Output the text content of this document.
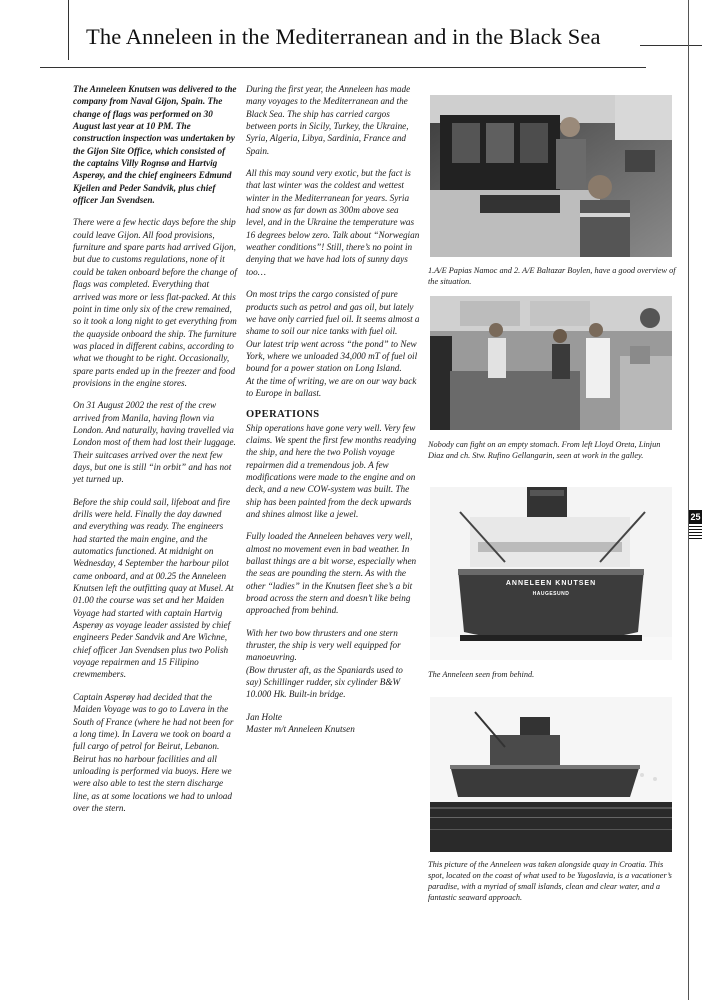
The Anneleen in the Mediterranean and in the Black Sea

The Anneleen Knutsen was delivered to the company from Naval Gijon, Spain. The change of flags was performed on 30 August last year at 10 PM. The construction inspection was undertaken by the Gijon Site Office, which consisted of the captains Villy Rognsø and Hartvig Asperøy, and the chief engineers Edmund Kjeilen and Peder Sandvik, plus chief officer Jan Svendsen.

There were a few hectic days before the ship could leave Gijon. All food provisions, furniture and spare parts had arrived Gijon, but due to customs regulations, none of it could be taken onboard before the change of flags was completed. Everything that arrived was more or less flat-packed. At this point in time only six of the crew remained, so it took a long night to get everything from the quayside onboard the ship. The furniture was placed in different cabins, according to what we thought to be right. Occasionally, spare parts ended up in the freezer and food provisions in the engine stores.

On 31 August 2002 the rest of the crew arrived from Manila, having flown via London. And naturally, having travelled via London most of them had lost their luggage. Their suitcases arrived over the next few days, but one is still “in orbit” and has not yet turned up.

Before the ship could sail, lifeboat and fire drills were held. Finally the day dawned and everything was ready. The engineers had started the main engine, and the automatics functioned. At midnight on Wednesday, 4 September the harbour pilot came onboard, and at 00.25 the Anneleen Knutsen left the outfitting quay at Musel. At 01.00 the course was set and her Maiden Voyage had started with captain Hartvig Asperøy as voyage leader assisted by chief engineers Peder Sandvik and Are Wichne, chief officer Jan Svendsen plus two Polish voyage repairmen and 15 Filipino crewmembers.

Captain Asperøy had decided that the Maiden Voyage was to go to Lavera in the South of France (where he had not been for a long time). In Lavera we took on board a full cargo of petrol for Beirut, Lebanon. Beirut has no harbour facilities and all unloading is performed via buoys. Here we were also able to test the stern discharge line, as at some locations we had to unload over the stern.

During the first year, the Anneleen has made many voyages to the Mediterranean and the Black Sea. The ship has carried cargos between ports in Sicily, Turkey, the Ukraine, Syria, Algeria, Libya, Sardinia, France and Spain.

All this may sound very exotic, but the fact is that last winter was the coldest and wettest winter in the Mediterranean for years. Syria had snow as far down as 300m above sea level, and in the Ukraine the temperature was 16 degrees below zero. Talk about “Norwegian weather conditions”! Still, there’s no point in denying that we have had lots of sunny days too…

On most trips the cargo consisted of pure products such as petrol and gas oil, but lately we have only carried fuel oil. It seems almost a shame to soil our nice tanks with fuel oil.

Our latest trip went across “the pond” to New York, where we unloaded 34,000 mT of fuel oil bound for a power station on Long Island.

At the time of writing, we are on our way back to Europe in ballast.

OPERATIONS

Ship operations have gone very well. Very few claims. We spent the first few months readying the ship, and here the two Polish voyage repairmen did a tremendous job. A few modifications were made to the engine and on deck, and a new COW-system was built. The ship has been painted from the deck upwards and shines almost like a jewel.

Fully loaded the Anneleen behaves very well, almost no movement even in bad weather. In ballast things are a bit worse, especially when the seas are pounding the stern. As with the other “ladies” in the Knutsen fleet she’s a bit broad across the stern and doesn’t like being approached from behind.

With her two bow thrusters and one stern thruster, the ship is very well equipped for manoeuvring.

(Bow thruster aft, as the Spaniards used to say) Schillinger rudder, six cylinder B&W 10.000 Hk. Built-in bridge.

Jan Holte

Master m/t Anneleen Knutsen

1.A/E Papias Namoc and 2. A/E Baltazar Boylen, have a good overview of the situation.
Nobody can fight on an empty stomach. From left Lloyd Oreta, Linjun Diaz and ch. Stw. Rufino Gellangarin, seen at work in the galley.
ANNELEEN KNUTSEN
HAUGESUND
The Anneleen seen from behind.
This picture of the Anneleen was taken alongside quay in Croatia. This spot, located on the coast of what used to be Yugoslavia, is a vacationer’s paradise, with a myriad of small islands, clean and clear water, and a fantastic seaward approach.
25
